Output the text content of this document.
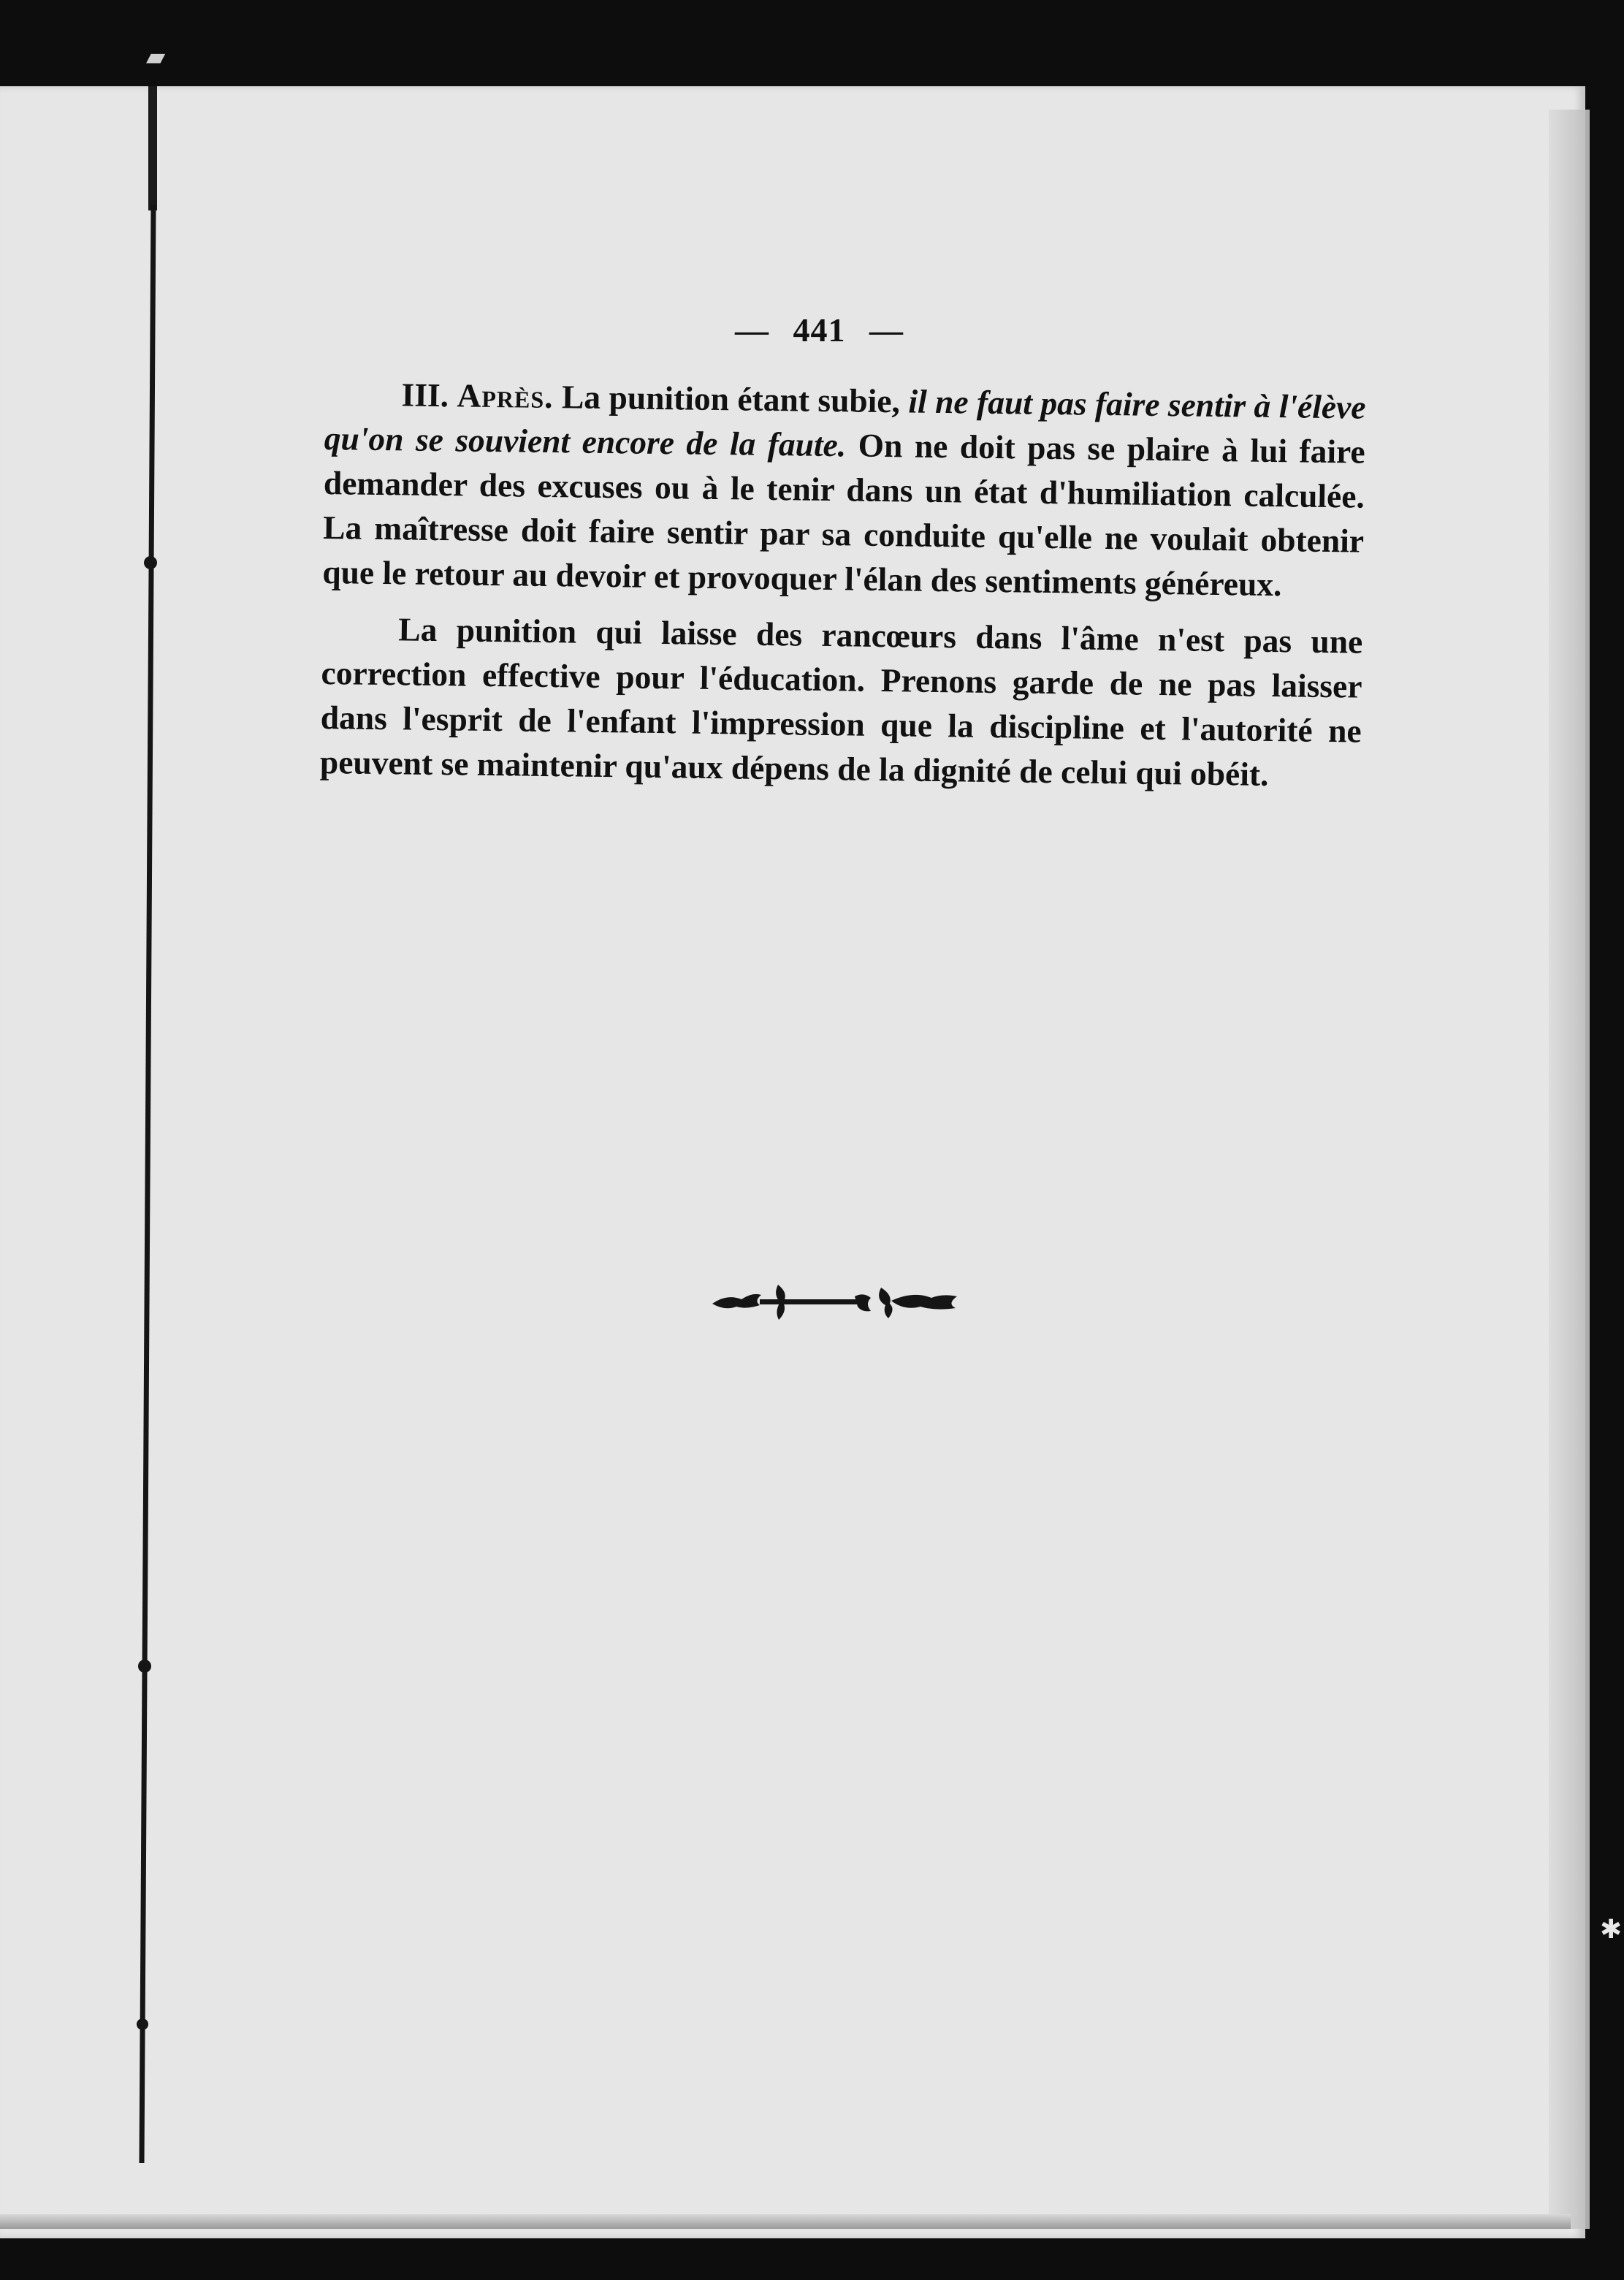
— 441 —

III. Après. La punition étant subie, il ne faut pas faire sentir à l'élève qu'on se souvient encore de la faute. On ne doit pas se plaire à lui faire demander des excuses ou à le tenir dans un état d'humiliation calculée. La maîtresse doit faire sentir par sa conduite qu'elle ne voulait obtenir que le retour au devoir et provoquer l'élan des sentiments généreux.

La punition qui laisse des rancœurs dans l'âme n'est pas une correction effective pour l'éducation. Prenons garde de ne pas laisser dans l'esprit de l'enfant l'impression que la discipline et l'autorité ne peuvent se maintenir qu'aux dépens de la dignité de celui qui obéit.

▰
✱
